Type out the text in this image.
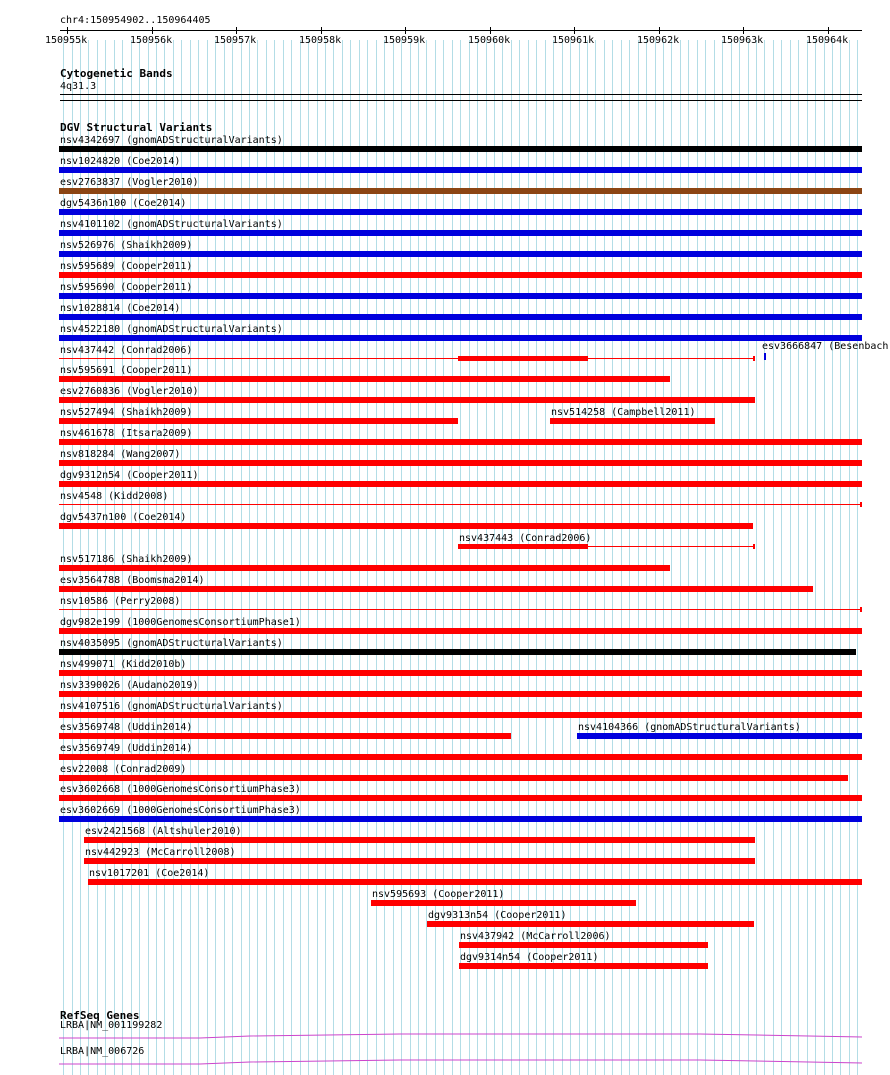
chr4:150954902..150964405
150955k	150956k	150957k	150958k	150959k	150960k	150961k	150962k	150963k	150964k
Cytogenetic Bands
4q31.3
DGV Structural Variants
nsv4342697 (gnomADStructuralVariants)
nsv1024820 (Coe2014)
esv2763837 (Vogler2010)
dgv5436n100 (Coe2014)
nsv4101102 (gnomADStructuralVariants)
nsv526976 (Shaikh2009)
nsv595689 (Cooper2011)
nsv595690 (Cooper2011)
nsv1028814 (Coe2014)
nsv4522180 (gnomADStructuralVariants)
nsv437442 (Conrad2006)	esv3666847 (Besenbach
nsv595691 (Cooper2011)
esv2760836 (Vogler2010)
nsv527494 (Shaikh2009)	nsv514258 (Campbell2011)
nsv461678 (Itsara2009)
nsv818284 (Wang2007)
dgv9312n54 (Cooper2011)
nsv4548 (Kidd2008)
dgv5437n100 (Coe2014)
nsv437443 (Conrad2006)
nsv517186 (Shaikh2009)
esv3564788 (Boomsma2014)
nsv10586 (Perry2008)
dgv982e199 (1000GenomesConsortiumPhase1)
nsv4035095 (gnomADStructuralVariants)
nsv499071 (Kidd2010b)
nsv3390026 (Audano2019)
nsv4107516 (gnomADStructuralVariants)
esv3569748 (Uddin2014)	nsv4104366 (gnomADStructuralVariants)
esv3569749 (Uddin2014)
esv22008 (Conrad2009)
esv3602668 (1000GenomesConsortiumPhase3)
esv3602669 (1000GenomesConsortiumPhase3)
esv2421568 (Altshuler2010)
nsv442923 (McCarroll2008)
nsv1017201 (Coe2014)
nsv595693 (Cooper2011)
dgv9313n54 (Cooper2011)
nsv437942 (McCarroll2006)
dgv9314n54 (Cooper2011)
RefSeq Genes
LRBA|NM_001199282
LRBA|NM_006726
